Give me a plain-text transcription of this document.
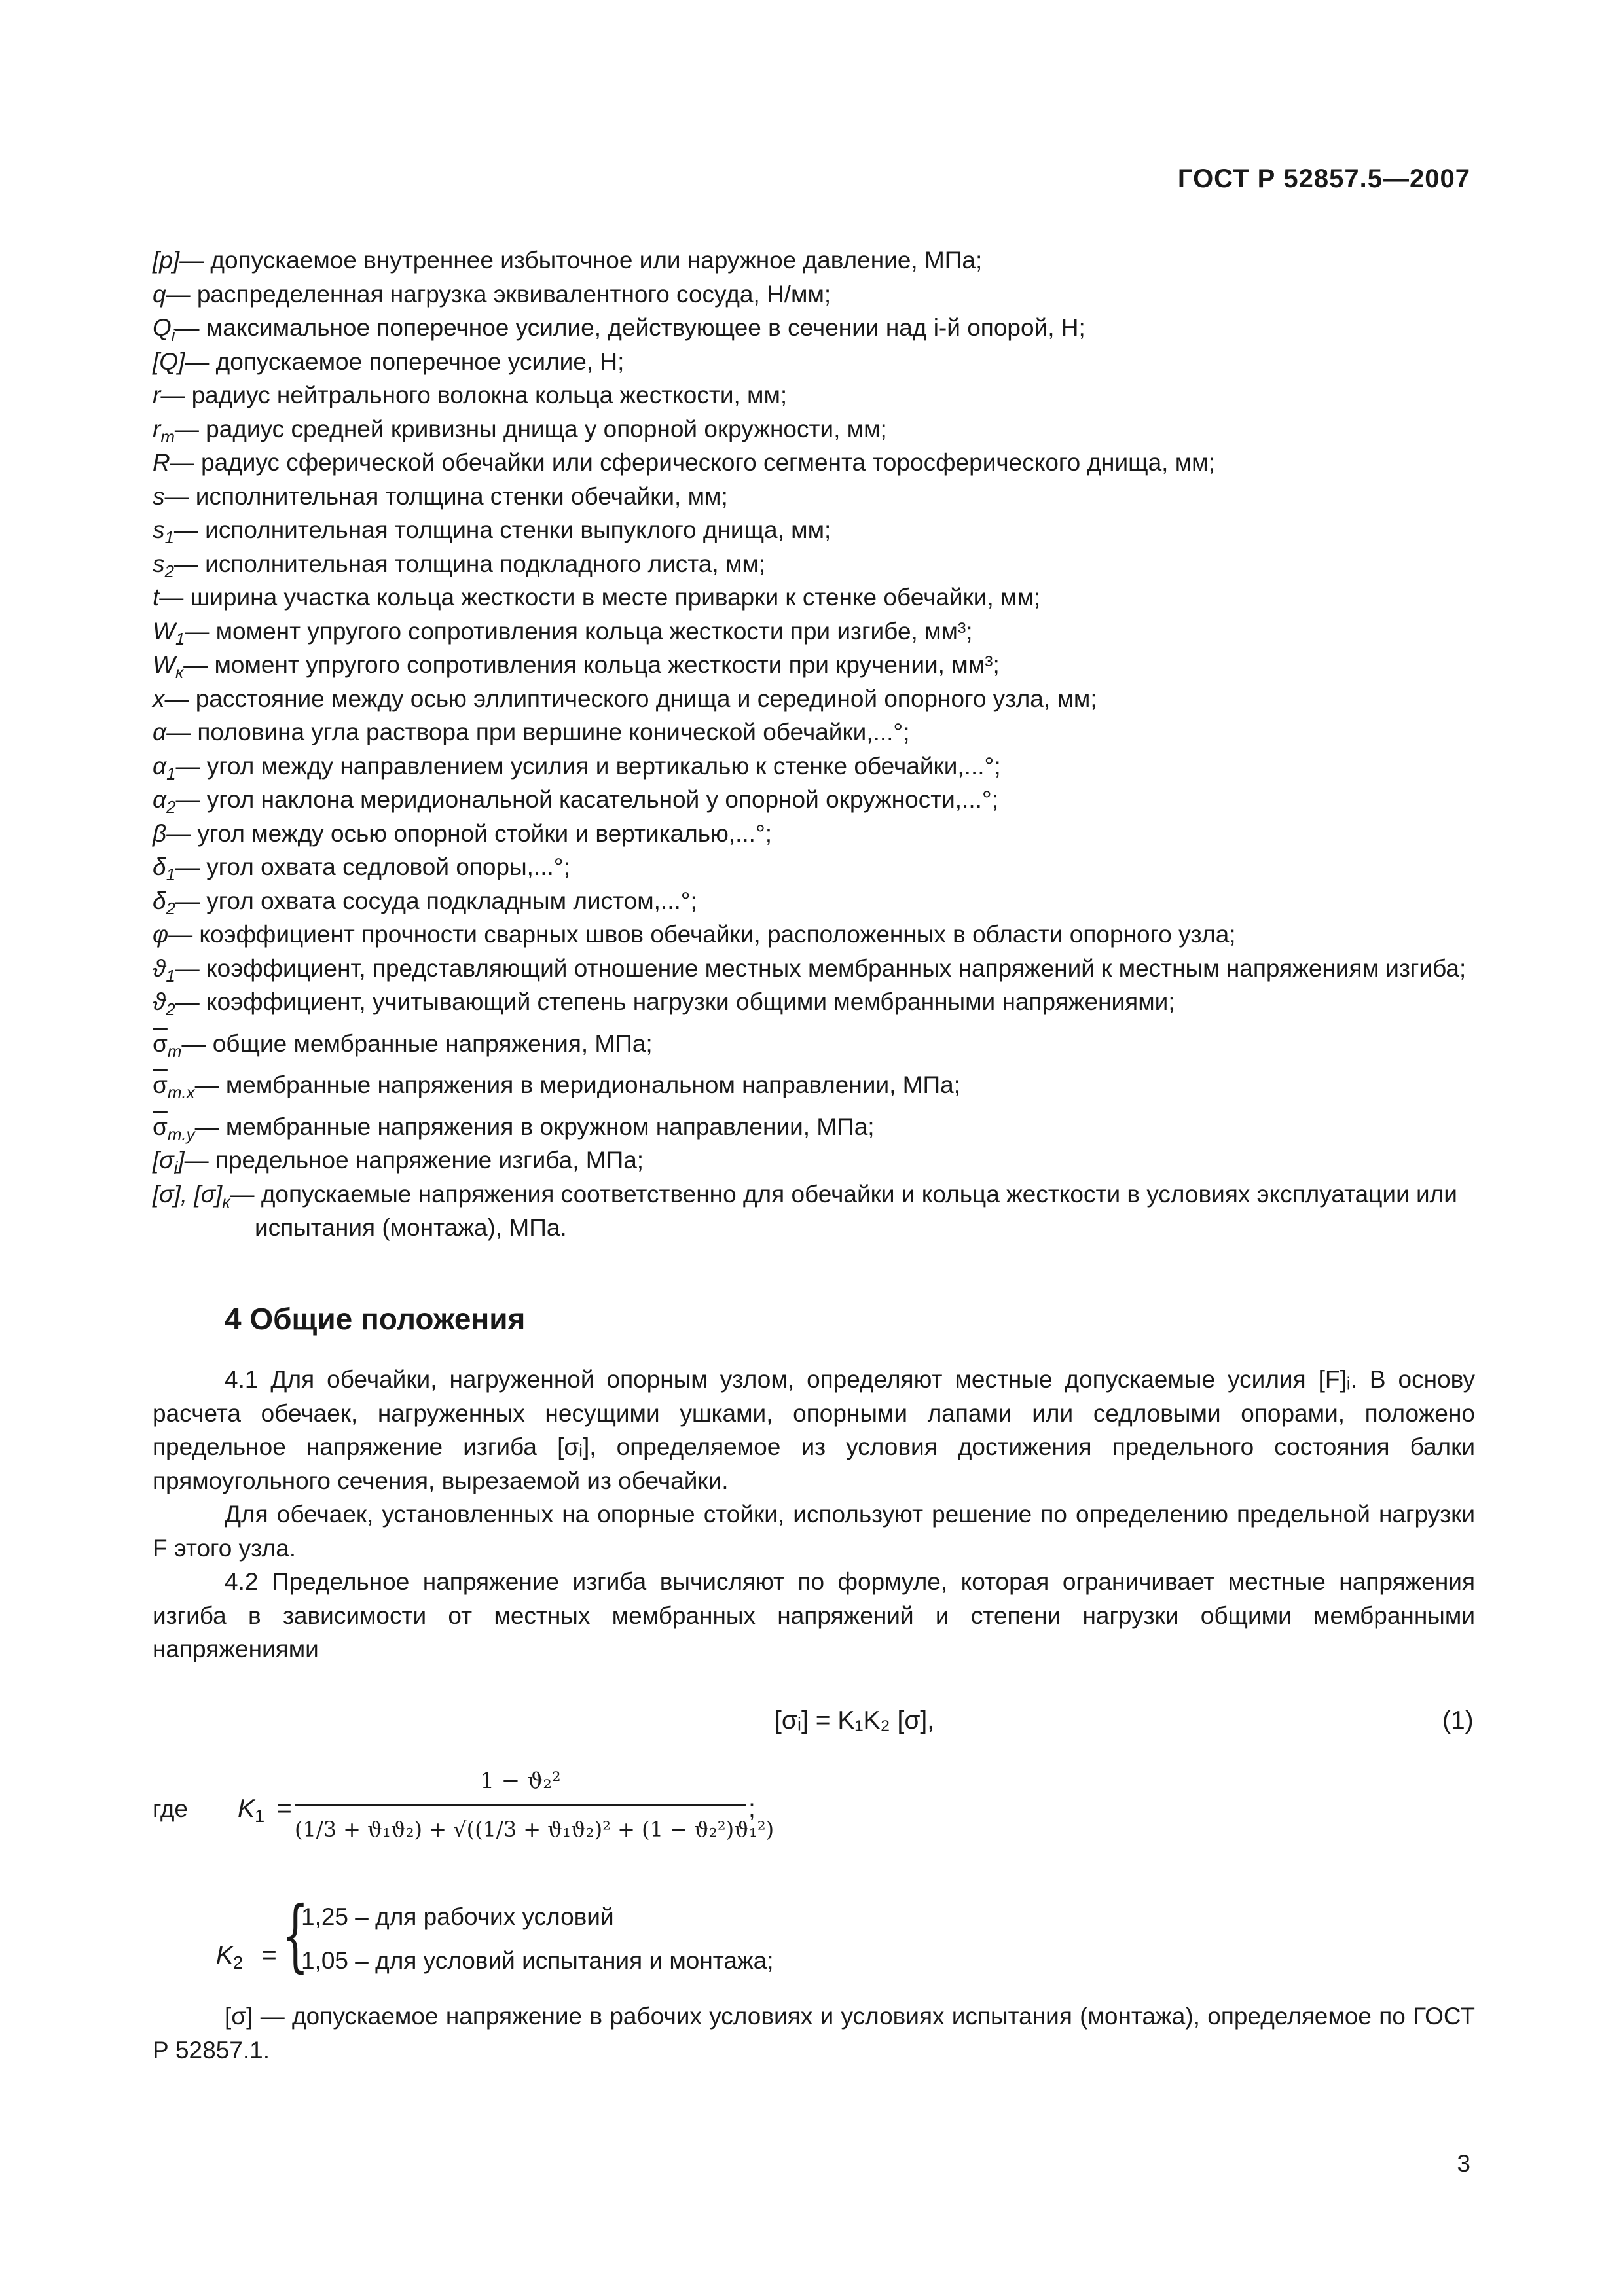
ГОСТ Р 52857.5—2007
[p]— допускаемое внутреннее избыточное или наружное давление, МПа;
q— распределенная нагрузка эквивалентного сосуда, Н/мм;
$Q_i—$ максимальное поперечное усилие, действующее в сечении над i-й опорой, Н;
[Q]— допускаемое поперечное усилие, Н;
r— радиус нейтрального волокна кольца жесткости, мм;
$r_m—$ радиус средней кривизны днища у опорной окружности, мм;
R— радиус сферической обечайки или сферического сегмента торосферического днища, мм;
s— исполнительная толщина стенки обечайки, мм;
$s_1—$ исполнительная толщина стенки выпуклого днища, мм;
$s_2—$ исполнительная толщина подкладного листа, мм;
t— ширина участка кольца жесткости в месте приварки к стенке обечайки, мм;
$W_1—$ момент упругого сопротивления кольца жесткости при изгибе, мм³;
$W_к—$ момент упругого сопротивления кольца жесткости при кручении, мм³;
x— расстояние между осью эллиптического днища и серединой опорного узла, мм;
α— половина угла раствора при вершине конической обечайки,...°;
$\alpha_1—$ угол между направлением усилия и вертикалью к стенке обечайки,...°;
$\alpha_2—$ угол наклона меридиональной касательной у опорной окружности,...°;
β— угол между осью опорной стойки и вертикалью,...°;
$\delta_1—$ угол охвата седловой опоры,...°;
$\delta_2—$ угол охвата сосуда подкладным листом,...°;
φ— коэффициент прочности сварных швов обечайки, расположенных в области опорного узла;
$ϑ_1—$ коэффициент, представляющий отношение местных мембранных напряжений к местным напряжениям изгиба;
$ϑ_2—$ коэффициент, учитывающий степень нагрузки общими мембранными напряжениями;
$\overline{\sigma}_m—$ общие мембранные напряжения, МПа;
$\overline{\sigma}_{m.x}—$ мембранные напряжения в меридиональном направлении, МПа;
$\overline{\sigma}_{m.y}—$ мембранные напряжения в окружном направлении, МПа;
$[\sigma_i]—$ предельное напряжение изгиба, МПа;
[σ], $[\sigma]_к—$ допускаемые напряжения соответственно для обечайки и кольца жесткости в условиях эксплуатации или испытания (монтажа), МПа.
4 Общие положения

4.1 Для обечайки, нагруженной опорным узлом, определяют местные допускаемые усилия [F]ᵢ. В основу расчета обечаек, нагруженных несущими ушками, опорными лапами или седловыми опорами, положено предельное напряжение изгиба [σᵢ], определяемое из условия достижения предельного состояния балки прямоугольного сечения, вырезаемой из обечайки.

Для обечаек, установленных на опорные стойки, используют решение по определению предельной нагрузки F этого узла.

4.2 Предельное напряжение изгиба вычисляют по формуле, которая ограничивает местные напряжения изгиба в зависимости от местных мембранных напряжений и степени нагрузки общими мембранными напряжениями

[σᵢ] = K₁K₂ [σ],	(1)
где $K_1$ =
1 − ϑ₂²
(1/3 + ϑ₁ϑ₂) + √((1/3 + ϑ₁ϑ₂)² + (1 − ϑ₂²)ϑ₁²)
;
$K_2$ = {
1,25 – для рабочих условий
1,05 – для условий испытания и монтажа;

[σ] — допускаемое напряжение в рабочих условиях и условиях испытания (монтажа), определяемое по ГОСТ Р 52857.1.

3
